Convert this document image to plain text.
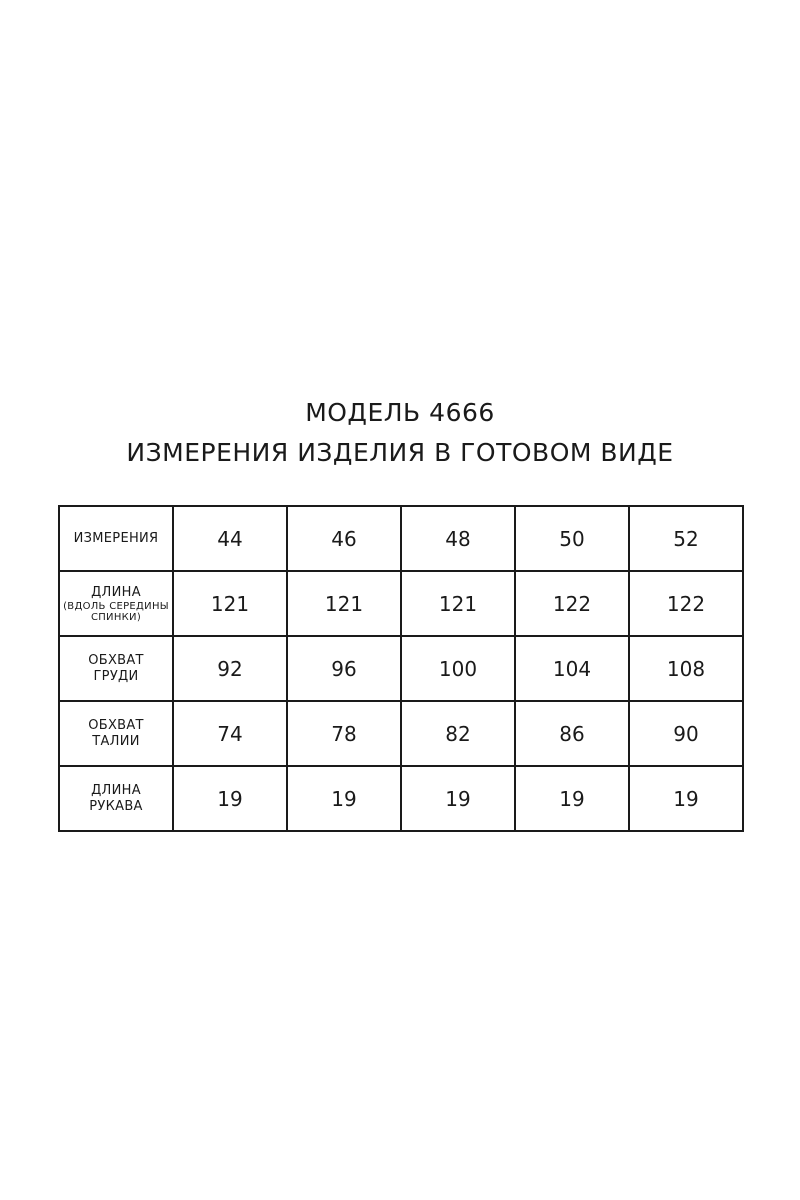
МОДЕЛЬ 4666
ИЗМЕРЕНИЯ ИЗДЕЛИЯ В ГОТОВОМ ВИДЕ
ИЗМЕРЕНИЯ	44	46	48	50	52

ДЛИНА
(ВДОЛЬ СЕРЕДИНЫ
СПИНКИ)	121	121	121	122	122

ОБХВАТ
ГРУДИ	92	96	100	104	108

ОБХВАТ
ТАЛИИ	74	78	82	86	90

ДЛИНА
РУКАВА	19	19	19	19	19
